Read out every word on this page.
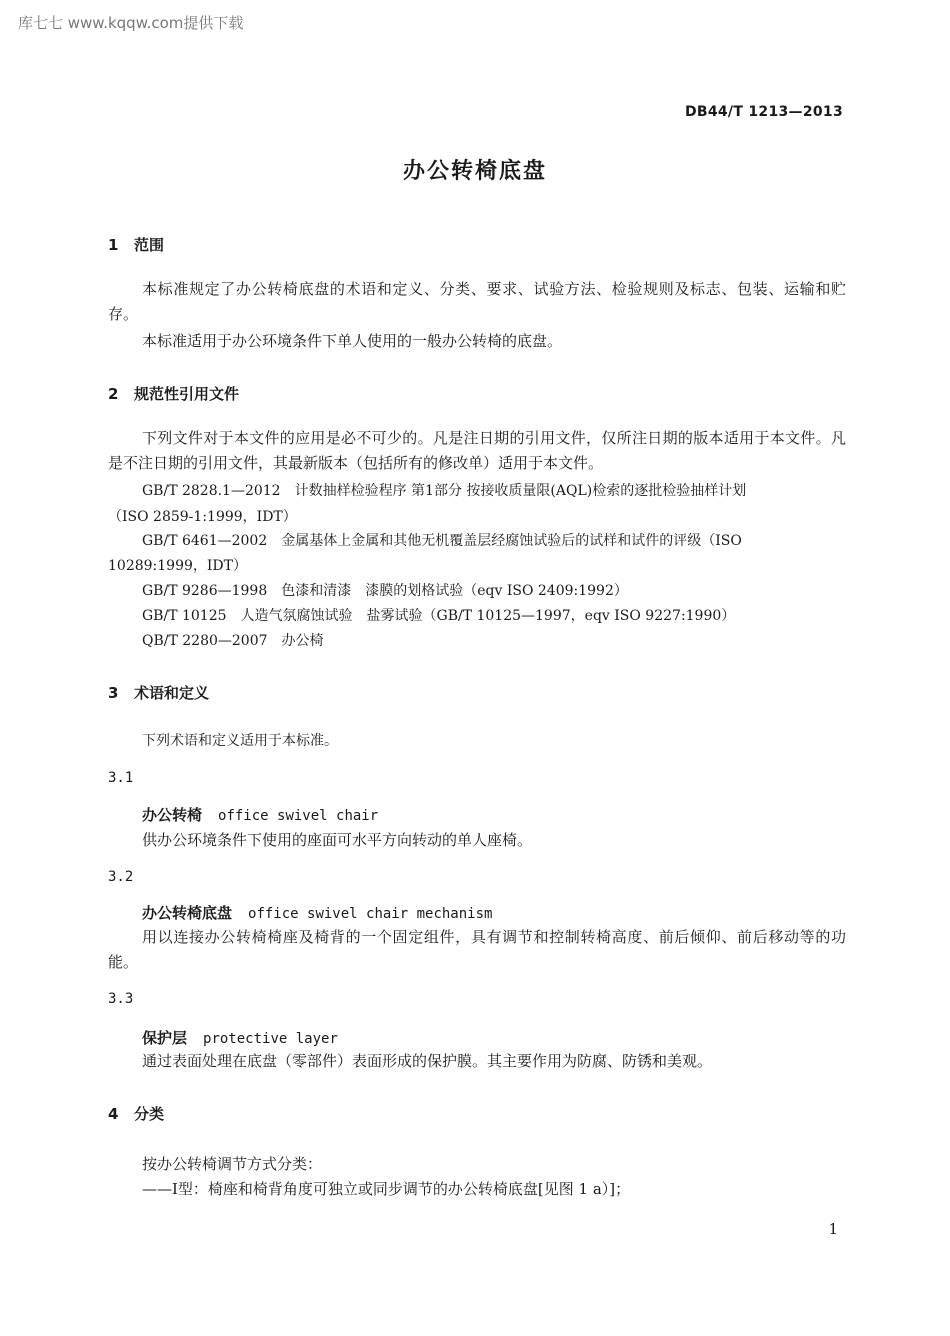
库七七 www.kqqw.com提供下载
DB44/T 1213—2013
办公转椅底盘
1 范围
本标准规定了办公转椅底盘的术语和定义、分类、要求、试验方法、检验规则及标志、包装、运输和贮存。
本标准适用于办公环境条件下单人使用的一般办公转椅的底盘。
2 规范性引用文件
下列文件对于本文件的应用是必不可少的。凡是注日期的引用文件，仅所注日期的版本适用于本文件。凡是不注日期的引用文件，其最新版本（包括所有的修改单）适用于本文件。
GB/T 2828.1—2012　计数抽样检验程序 第1部分 按接收质量限(AQL)检索的逐批检验抽样计划
（ISO 2859-1:1999，IDT）
GB/T 6461—2002　金属基体上金属和其他无机覆盖层经腐蚀试验后的试样和试件的评级（ISO
10289:1999，IDT）
GB/T 9286—1998　色漆和清漆　漆膜的划格试验（eqv ISO 2409:1992）
GB/T 10125　人造气氛腐蚀试验　盐雾试验（GB/T 10125—1997，eqv ISO 9227:1990）
QB/T 2280—2007　办公椅
3 术语和定义
下列术语和定义适用于本标准。
3.1
办公转椅 office swivel chair
供办公环境条件下使用的座面可水平方向转动的单人座椅。
3.2
办公转椅底盘 office swivel chair mechanism
用以连接办公转椅椅座及椅背的一个固定组件，具有调节和控制转椅高度、前后倾仰、前后移动等的功能。
3.3
保护层 protective layer
通过表面处理在底盘（零部件）表面形成的保护膜。其主要作用为防腐、防锈和美观。
4 分类
按办公转椅调节方式分类：
——Ⅰ型：椅座和椅背角度可独立或同步调节的办公转椅底盘[见图 1 a）]；
1
